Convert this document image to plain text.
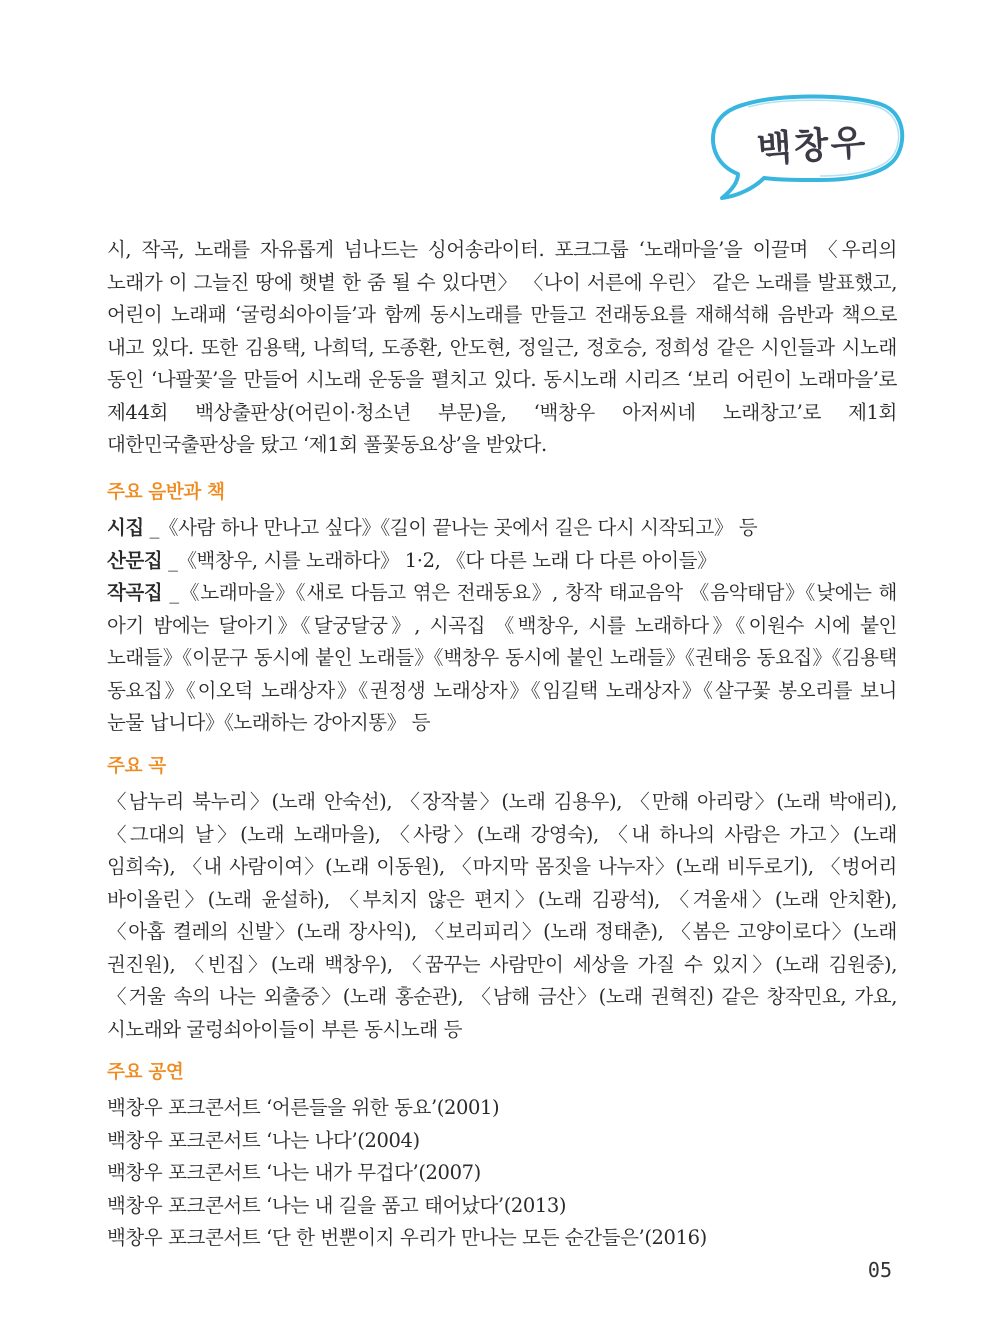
백창우

시, 작곡, 노래를 자유롭게 넘나드는 싱어송라이터. 포크그룹 ‘노래마을’을 이끌며 〈우리의 노래가 이 그늘진 땅에 햇볕 한 줌 될 수 있다면〉 〈나이 서른에 우린〉 같은 노래를 발표했고, 어린이 노래패 ‘굴렁쇠아이들’과 함께 동시노래를 만들고 전래동요를 재해석해 음반과 책으로 내고 있다. 또한 김용택, 나희덕, 도종환, 안도현, 정일근, 정호승, 정희성 같은 시인들과 시노래 동인 ‘나팔꽃’을 만들어 시노래 운동을 펼치고 있다. 동시노래 시리즈 ‘보리 어린이 노래마을’로 제44회 백상출판상(어린이·청소년 부문)을, ‘백창우 아저씨네 노래창고’로 제1회 대한민국출판상을 탔고 ‘제1회 풀꽃동요상’을 받았다.

주요 음반과 책

시집 _《사람 하나 만나고 싶다》《길이 끝나는 곳에서 길은 다시 시작되고》 등

산문집 _《백창우, 시를 노래하다》 1·2, 《다 다른 노래 다 다른 아이들》

작곡집 _《노래마을》《새로 다듬고 엮은 전래동요》, 창작 태교음악 《음악태담》《낮에는 해 아기 밤에는 달아기》《달궁달궁》, 시곡집 《백창우, 시를 노래하다》《이원수 시에 붙인 노래들》《이문구 동시에 붙인 노래들》《백창우 동시에 붙인 노래들》《권태응 동요집》《김용택 동요집》《이오덕 노래상자》《권정생 노래상자》《임길택 노래상자》《살구꽃 봉오리를 보니 눈물 납니다》《노래하는 강아지똥》 등

주요 곡

〈남누리 북누리〉(노래 안숙선), 〈장작불〉(노래 김용우), 〈만해 아리랑〉(노래 박애리), 〈그대의 날〉(노래 노래마을), 〈사랑〉(노래 강영숙), 〈내 하나의 사람은 가고〉(노래 임희숙), 〈내 사람이여〉(노래 이동원), 〈마지막 몸짓을 나누자〉(노래 비두로기), 〈벙어리 바이올린〉(노래 윤설하), 〈부치지 않은 편지〉(노래 김광석), 〈겨울새〉(노래 안치환), 〈아홉 켤레의 신발〉(노래 장사익), 〈보리피리〉(노래 정태춘), 〈봄은 고양이로다〉(노래 권진원), 〈빈집〉(노래 백창우), 〈꿈꾸는 사람만이 세상을 가질 수 있지〉(노래 김원중), 〈거울 속의 나는 외출중〉(노래 홍순관), 〈남해 금산〉(노래 권혁진) 같은 창작민요, 가요, 시노래와 굴렁쇠아이들이 부른 동시노래 등

주요 공연

백창우 포크콘서트 ‘어른들을 위한 동요’(2001)

백창우 포크콘서트 ‘나는 나다’(2004)

백창우 포크콘서트 ‘나는 내가 무겁다’(2007)

백창우 포크콘서트 ‘나는 내 길을 품고 태어났다’(2013)

백창우 포크콘서트 ‘단 한 번뿐이지 우리가 만나는 모든 순간들은’(2016)

05
